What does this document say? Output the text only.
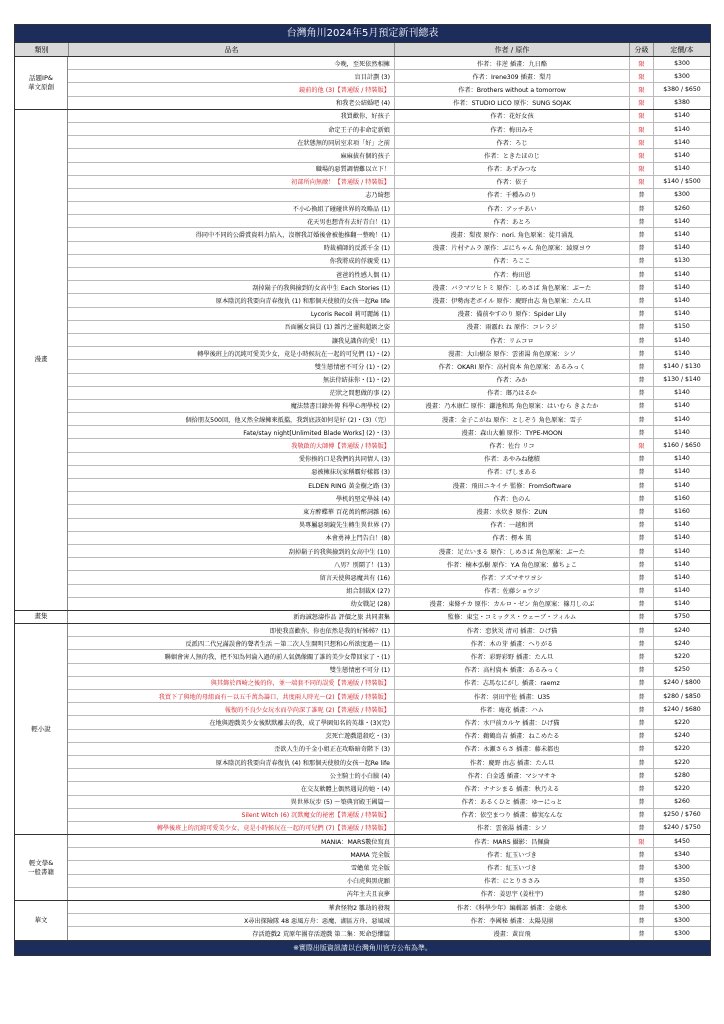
台灣角川2024年5月預定新刊總表
類別	品名	作者 / 原作	分級	定價/本
話題IP&
華文原創
今晚，至死依然相擁	作者：非逆 插畫：九日酪	限	$300
盲目計劃 (3)	作者：Irene309 插畫：梨月	限	$300
鏡前的他 (3)【普通版 / 特裝版】	作者：Brothers without a tomorrow	限	$380 / $650
和我老公結婚吧 (4)	作者：STUDIO LICO 原作：SUNG SOJAK	限	$380
漫畫
我買歡你，好孩子	作者：花好女孩	限	$140
命定王子的非命定新娘	作者：梅田みそ	限	$140
在狀態無的同居室求項「好」之前	作者：ろじ	限	$140
麻麻拔有個的孩子	作者：ときたほのじ	限	$140
職場的惡質調情難以立下！	作者：あずみつな	限	$140
初部所向無敵！【普通版 / 特裝版】	作者：依子	限	$140 / $500
志乃綺想	作者：千種みのり	普	$300
不小心換組了碰碰世界的攻略品 (1)	作者：アッチあい	普	$260
花天男也想背有去好青白！(1)	作者：あとろ	普	$140
得同中不同的公爵賞資料力陷入，沒辦我訂婚後會被他推翻一整晚！(1)	漫畫：梨夜 原作：nori. 角色原案：徒月涌乱	普	$140
時裁補師的反派千金 (1)	漫畫：片村ナムラ 原作：ぶにちゃん 角色原案：綾原ヨウ	普	$140
你我將成的俘親愛 (1)	作者：ろここ	普	$130
爸爸的性感人偶 (1)	作者：梅田恩	普	$140
刮掉鬍子的我與撿到的女高中生 Each Stories (1)	漫畫：バラマツヒトミ 原作：しめさば 角色原案：ぶーた	普	$140
原本陰沉的我要向青春復仇 (1) 和那個天使般的女孩一起Re life	漫畫：伊勢海老ボイル 原作：慶野由志 角色原案：たん旦	普	$140
Lycoris Recoil 莉可麗絲 (1)	漫畫：備前やすのり 原作：Spider Lily	普	$140
吾面屬女演員 (1) 雜污之靈與超級之姿	漫畫：雨霰れ ね 原作：コレラジ	普	$150
讓我見識你的愛！(1)	作者：リムコロ	普	$140
轉學後班上的沉純可愛美少女，竟是小時候玩在一起的可兒們 (1)・(2)	漫畫：大山樹奈 原作：雲雀湯 角色原案：シソ	普	$140
雙生戀情密不可分 (1)・(2)	作者：OKARI 原作：高村資本 角色原案：あるみっく	普	$140 / $130
無法侍結抹你・(1)・(2)	作者：みか	普	$130 / $140
茫狀之間想做的事 (2)	作者：瑯乃はるか	普	$140
魔法禁書目錄外傳 科學心理學校 (2)	漫畫：乃木康仁 原作：鎌池和馬 角色原案：はいむら きよたか	普	$140
個拾朋友500回，他又然全線擁來抵擋，我到底該如何是好 (2)・(3)（完）	漫畫：金子こがね 原作：としぞう 角色原案：雪子	普	$140
Fate/stay night[Unlimited Blade Works] (2)・(3)	漫畫：森山大輔 原作：TYPE-MOON	普	$140
我敬啟的大師傅【普通版 / 特裝版】	作者：佐台 リコ	限	$160 / $650
愛你揍的口是我們的共同情人 (3)	作者：あやみね穗積	普	$140
惡被擁抹玩家稱霸好樣都 (3)	作者：げしまある	普	$140
ELDEN RING 黃金樹之路 (3)	漫畫：飛田ニキイチ 監修：FromSoftware	普	$140
學机的堅定學妹 (4)	作者：色のん	普	$160
東方醉蝶華 百花萬的醉詞雜 (6)	漫畫：水炊き 原作：ZUN	普	$160
異專屬惡刻鏡先生轉生異世界 (7)	作者：一越和習	普	$140
本會勇神上門告白！(8)	作者：楞本 篤	普	$140
刮掉鬍子的我與撿到的女高中生 (10)	漫畫：足立いまる 原作：しめさば 角色原案：ぶーた	普	$140
八男？別鬧了！(13)	作者：楠本弘樹 原作：Y.A 角色原案：藤ちょこ	普	$140
留言天使與惡魔共有 (16)	作者：アズマサワヨシ	普	$140
組合制裁X (27)	作者：佐藤ショウジ	普	$140
幼女戰記 (28)	漫畫：東條チカ 原作：カルロ・ゼン 角色原案：篠月しのぶ	普	$140
畫集	新海誠怒濤作品 評價之旅 共同畫集	監修：東宝・コミックス・ウェーブ・フィルム	普	$750
輕小說
即使我喜歡你，你也依然是我的好姊姊？(1)	作者：恋狄災 清司 插畫：ひげ猫	普	$240
反派四二代兄滿誤會的聲者生活 ～第二次人生開明只想和心所欲度過～ (1)	作者：木の芽 插畫：へりがる	普	$240
聯姻會害人無的我，把不知為何淪入過的前人氣偶像關了誰的美少女帶回家了・(1)	作者：彩野彩野 插畫：たん旦	普	$220
雙生戀情密不可分 (1)	作者：高村資本 插畫：あるみっく	普	$250
與其飾於西崎之後的你，並一端套不同的誤愛【普通版 / 特裝版】	作者：志馬なにがし 插畫：raemz	普	$240 / $800
我買下了與地的母組面有～以五千萬為籌口，共度兩人時光～(2)【普通版 / 特裝版】	作者：羽田宇佐 插畫：U35	普	$280 / $850
報復的不良少女玩水而孕尚深了誰呢 (2)【普通版 / 特裝版】	作者：庵花 插畫：ハム	普	$240 / $680
在地與遊戲美少女後默默離去的我，成了學園知名的英雄・(3)(完)	作者：水戸前カルヤ 插畫：ひげ猫	普	$220
烹死亡遊戲還殺吃・(3)	作者：鵜鶴鳥吉 插畫：ねこめたる	普	$240
歪欲人生的千金小姐正在攻略暗奇階下 (3)	作者：永瀬さらさ 插畫：藤未都也	普	$220
原本陰沉的我要向青春復仇 (4) 和那個天使般的女孩一起Re life	作者：慶野 由志 插畫：たん旦	普	$220
公主騎士的小白臉 (4)	作者：白金透 插畫：マシマサキ	普	$280
在交友軟體上偶然遇見的她・(4)	作者：ナナシまる 插畫：秋乃える	普	$220
異世界玩步 (5) ～築典宮殿王國篇～	作者：あるくひと 插畫：ゆーにっと	普	$260
Silent Witch (6) 沉默魔女的祕密【普通版 / 特裝版】	作者：依空まつり 插畫：藤実なんな	普	$250 / $760
轉學後班上的沉純可愛美少女，竟是小時候玩在一起的可兒們 (7)【普通版 / 特裝版】	作者：雲雀湯 插畫：シソ	普	$240 / $750
輕文學&
一般書籍
MANIA：MARS數位寫真	作者：MARS 攝影：昌佩倫	限	$450
MAMA 完全版	作者：紅玉いづき	普	$340
雪蟾菓 完全版	作者：紅玉いづき	普	$300
小白虎與黑虎願	作者：にとりささみ	普	$350
芮年主夫且哀夢	作者：姜思宇 (姜柱宇)	普	$280
華文
華倉怪物2 雛劫的發現	作者：《科學少年》編輯部 插畫：金德永	普	$300
X尋出探險隊 48 惡風方舟：惡魔、湖區方舟、惡風城	作者：李國秘 插畫：太陽晃團	普	$300
存活遊戲2 荒原年團存活遊戲 第二集：死命恐懼篇	漫畫：黃盲飛	普	$300
※實際出版資訊請以台灣角川官方公布為準。
